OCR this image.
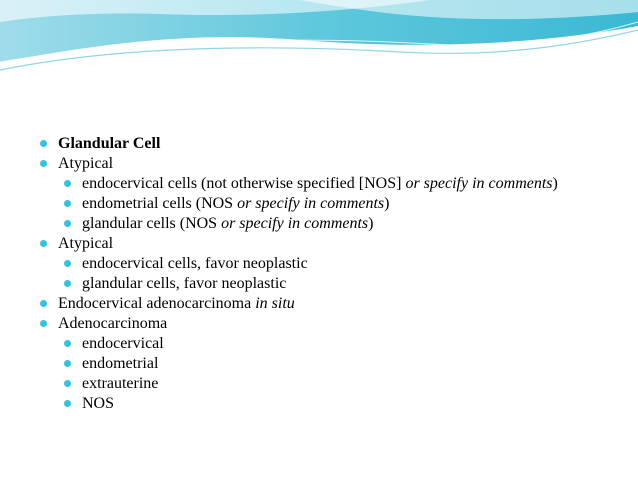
Glandular Cell
Atypical
endocervical cells (not otherwise specified [NOS] or specify in comments)
endometrial cells (NOS or specify in comments)
glandular cells (NOS or specify in comments)
Atypical
endocervical cells, favor neoplastic
glandular cells, favor neoplastic
Endocervical adenocarcinoma in situ
Adenocarcinoma
endocervical
endometrial
extrauterine
NOS
